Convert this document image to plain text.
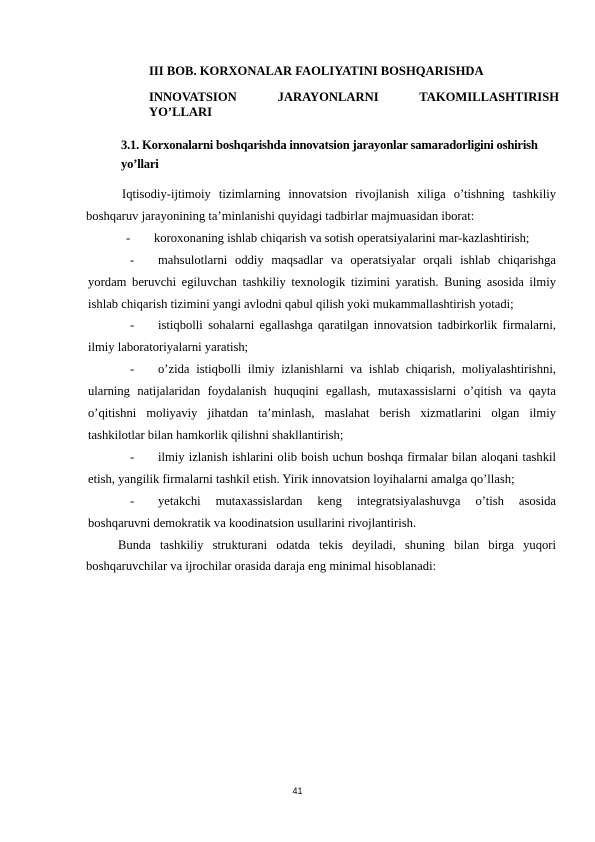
III BOB. KORXONALAR FAOLIYATINI BOSHQARISHDA
INNOVATSION JARAYONLARNI TAKOMILLASHTIRISH
YO’LLARI
3.1. Korxonalarni boshqarishda innovatsion jarayonlar samaradorligini oshirish yo’llari

Iqtisodiy-ijtimoiy tizimlarning innovatsion rivojlanish xiliga o’tishning tashkiliy boshqaruv jarayonining ta’minlanishi quyidagi tadbirlar majmuasidan iborat:

-	koroxonaning ishlab chiqarish va sotish operatsiyalarini mar-kazlashtirish;
-	mahsulotlarni oddiy maqsadlar va operatsiyalar orqali ishlab chiqarishga yordam beruvchi egiluvchan tashkiliy texnologik tizimini yaratish. Buning asosida ilmiy ishlab chiqarish tizimini yangi avlodni qabul qilish yoki mukammallashtirish yotadi;
-	istiqbolli sohalarni egallashga qaratilgan innovatsion tadbirkorlik firmalarni, ilmiy laboratoriyalarni yaratish;
-	o’zida istiqbolli ilmiy izlanishlarni va ishlab chiqarish, moliyalashtirishni, ularning natijalaridan foydalanish huquqini egallash, mutaxassislarni o’qitish va qayta o’qitishni moliyaviy jihatdan ta’minlash, maslahat berish xizmatlarini olgan ilmiy tashkilotlar bilan hamkorlik qilishni shakllantirish;
-	ilmiy izlanish ishlarini olib boish uchun boshqa firmalar bilan aloqani tashkil etish, yangilik firmalarni tashkil etish. Yirik innovatsion loyihalarni amalga qo’llash;
-	yetakchi mutaxassislardan keng integratsiyalashuvga o’tish asosida boshqaruvni demokratik va koodinatsion usullarini rivojlantirish.

Bunda tashkiliy strukturani odatda tekis deyiladi, shuning bilan birga yuqori boshqaruvchilar va ijrochilar orasida daraja eng minimal hisoblanadi:

41
